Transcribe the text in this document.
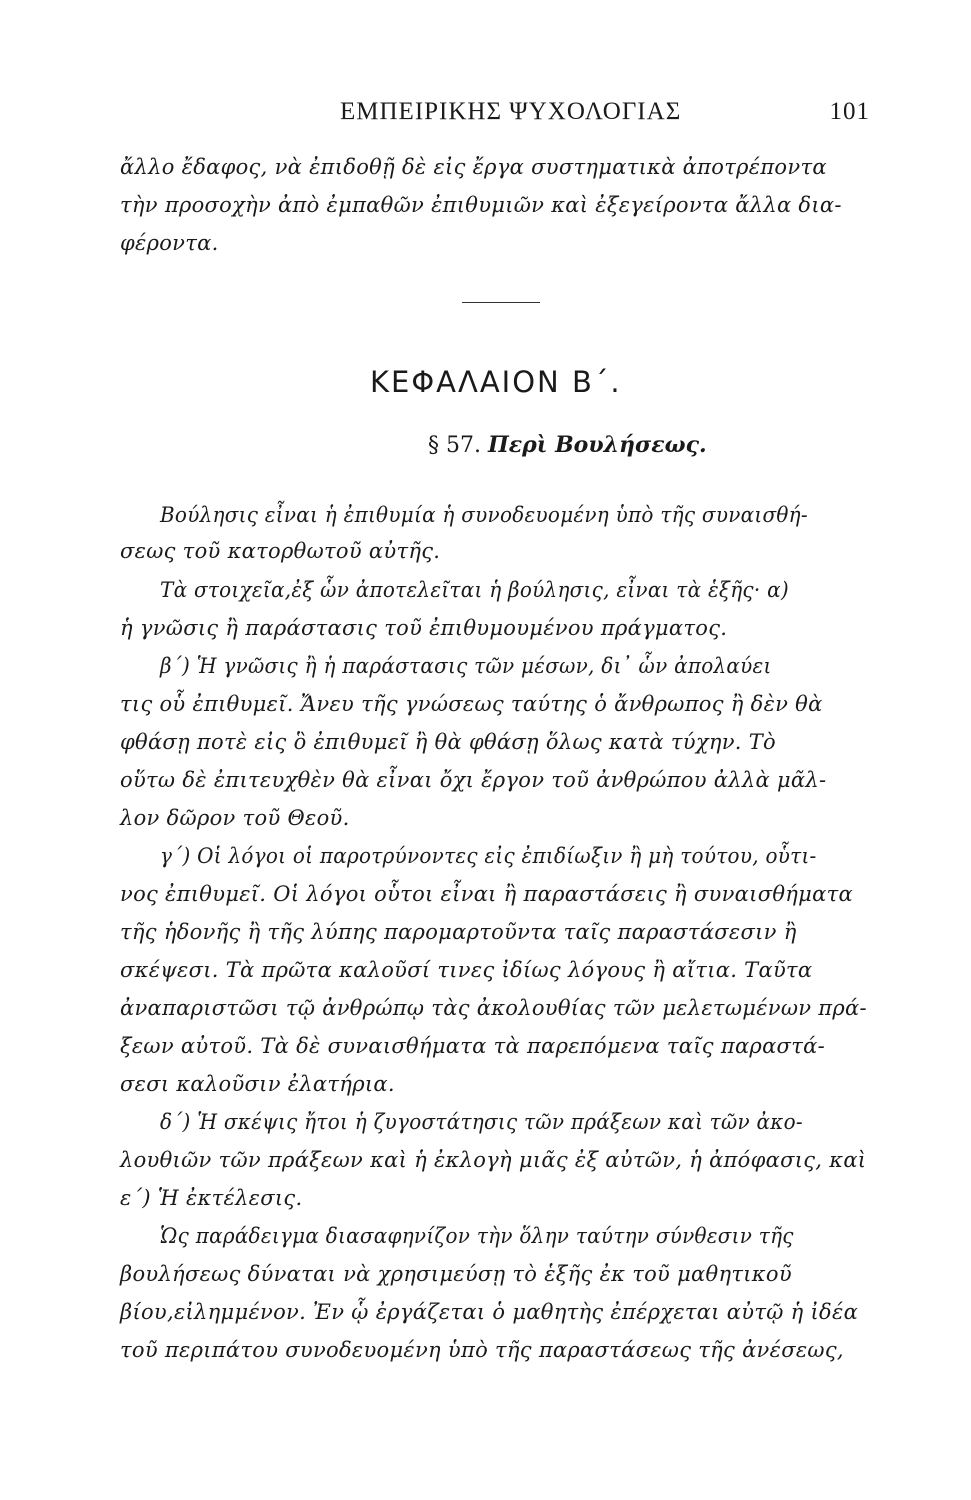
ΕΜΠΕΙΡΙΚΗΣ ΨΥΧΟΛΟΓΙΑΣ	101
ἄλλο ἔδαφος, νὰ ἐπιδοθῇ δὲ εἰς ἔργα συστηματικὰ ἀποτρέποντα
τὴν προσοχὴν ἀπὸ ἐμπαθῶν ἐπιθυμιῶν καὶ ἐξεγείροντα ἄλλα δια-
φέροντα.
ΚΕΦΑΛΑΙΟΝ Β΄.
§ 57. Περὶ Βουλήσεως.
Βούλησις εἶναι ἡ ἐπιθυμία ἡ συνοδευομένη ὑπὸ τῆς συναισθή-
σεως τοῦ κατορθωτοῦ αὐτῆς.
Τὰ στοιχεῖα,ἐξ ὧν ἀποτελεῖται ἡ βούλησις, εἶναι τὰ ἑξῆς· α)
ἡ γνῶσις ἢ παράστασις τοῦ ἐπιθυμουμένου πράγματος.
β΄) Ἡ γνῶσις ἢ ἡ παράστασις τῶν μέσων, δι᾽ ὧν ἀπολαύει
τις οὗ ἐπιθυμεῖ. Ἄνευ τῆς γνώσεως ταύτης ὁ ἄνθρωπος ἢ δὲν θὰ
φθάσῃ ποτὲ εἰς ὃ ἐπιθυμεῖ ἢ θὰ φθάσῃ ὅλως κατὰ τύχην. Τὸ
οὕτω δὲ ἐπιτευχθὲν θὰ εἶναι ὄχι ἔργον τοῦ ἀνθρώπου ἀλλὰ μᾶλ-
λον δῶρον τοῦ Θεοῦ.
γ΄) Οἱ λόγοι οἱ παροτρύνοντες εἰς ἐπιδίωξιν ἢ μὴ τούτου, οὗτι-
νος ἐπιθυμεῖ. Οἱ λόγοι οὗτοι εἶναι ἢ παραστάσεις ἢ συναισθήματα
τῆς ἡδονῆς ἢ τῆς λύπης παρομαρτοῦντα ταῖς παραστάσεσιν ἢ
σκέψεσι. Τὰ πρῶτα καλοῦσί τινες ἰδίως λόγους ἢ αἴτια. Ταῦτα
ἀναπαριστῶσι τῷ ἀνθρώπῳ τὰς ἀκολουθίας τῶν μελετωμένων πρά-
ξεων αὐτοῦ. Τὰ δὲ συναισθήματα τὰ παρεπόμενα ταῖς παραστά-
σεσι καλοῦσιν ἐλατήρια.
δ΄) Ἡ σκέψις ἤτοι ἡ ζυγοστάτησις τῶν πράξεων καὶ τῶν ἀκο-
λουθιῶν τῶν πράξεων καὶ ἡ ἐκλογὴ μιᾶς ἐξ αὐτῶν, ἡ ἀπόφασις, καὶ
ε΄) Ἡ ἐκτέλεσις.
Ὡς παράδειγμα διασαφηνίζον τὴν ὅλην ταύτην σύνθεσιν τῆς
βουλήσεως δύναται νὰ χρησιμεύσῃ τὸ ἑξῆς ἐκ τοῦ μαθητικοῦ
βίου,εἰλημμένον. Ἐν ᾧ ἐργάζεται ὁ μαθητὴς ἐπέρχεται αὐτῷ ἡ ἰδέα
τοῦ περιπάτου συνοδευομένη ὑπὸ τῆς παραστάσεως τῆς ἀνέσεως,
